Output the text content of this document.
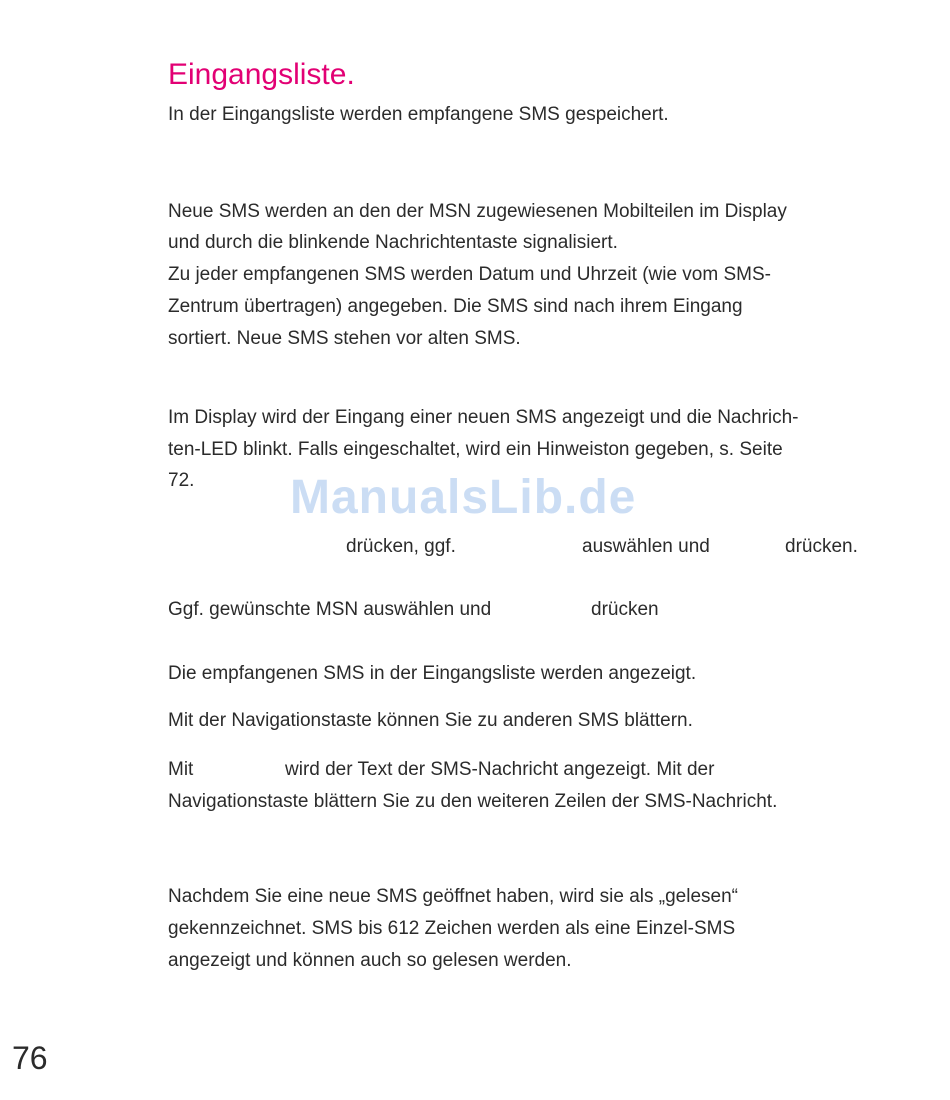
Eingangsliste.
In der Eingangsliste werden empfangene SMS gespeichert.
Neue SMS werden an den der MSN zugewiesenen Mobilteilen im Display
und durch die blinkende Nachrichtentaste signalisiert.
Zu jeder empfangenen SMS werden Datum und Uhrzeit (wie vom SMS-
Zentrum übertragen) angegeben. Die SMS sind nach ihrem Eingang
sortiert. Neue SMS stehen vor alten SMS.
Im Display wird der Eingang einer neuen SMS angezeigt und die Nachrich-
ten-LED blinkt. Falls eingeschaltet, wird ein Hinweiston gegeben, s. Seite
72.	ManualsLib.de
drücken, ggf.	auswählen und	drücken.
Ggf. gewünschte MSN auswählen und	drücken
Die empfangenen SMS in der Eingangsliste werden angezeigt.
Mit der Navigationstaste können Sie zu anderen SMS blättern.
Mit	wird der Text der SMS-Nachricht angezeigt. Mit der
Navigationstaste blättern Sie zu den weiteren Zeilen der SMS-Nachricht.
Nachdem Sie eine neue SMS geöffnet haben, wird sie als „gelesen“
gekennzeichnet. SMS bis 612 Zeichen werden als eine Einzel-SMS
angezeigt und können auch so gelesen werden.
76
